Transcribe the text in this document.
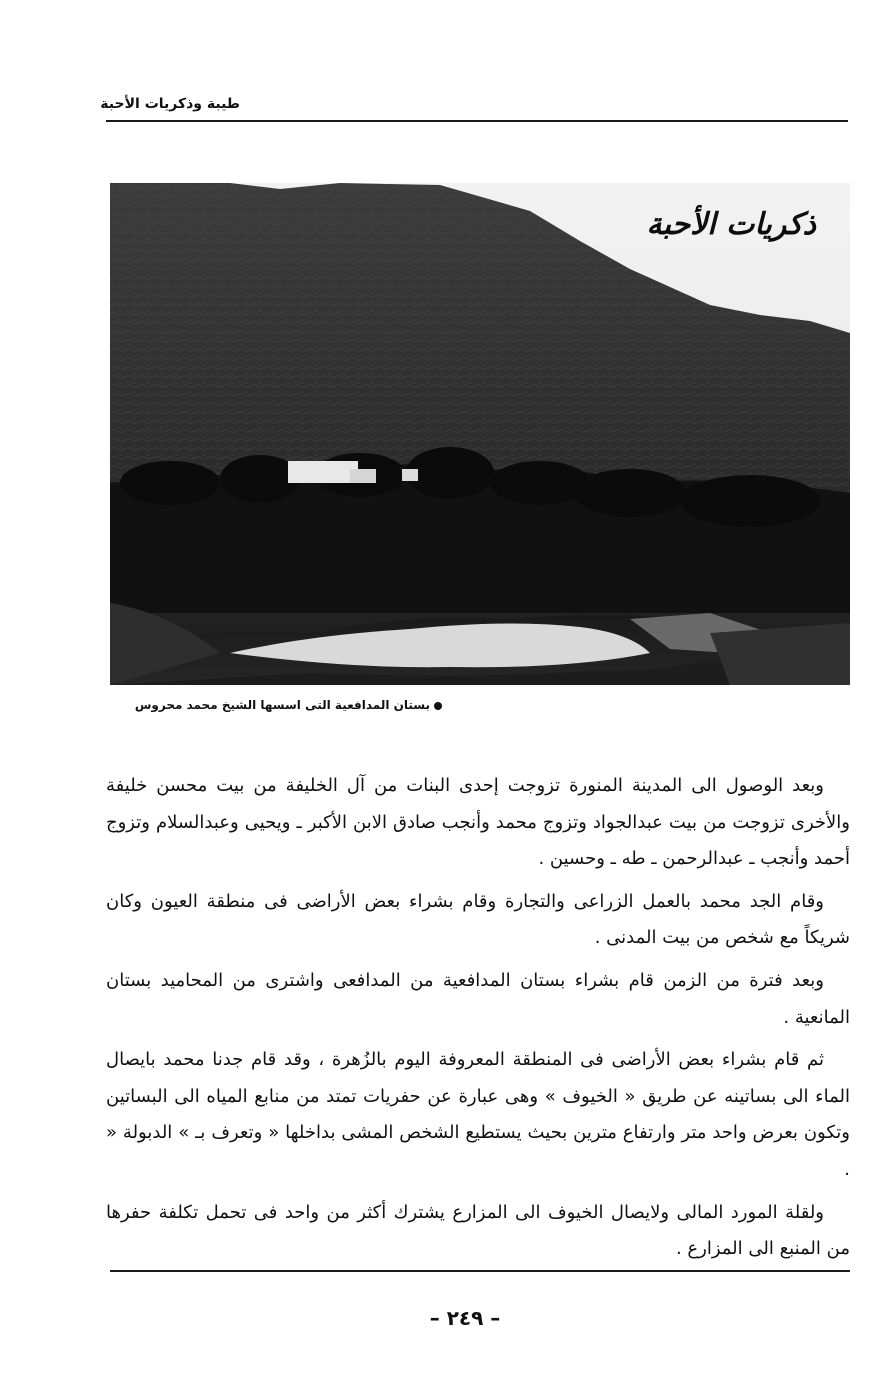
طيبة وذكريات الأحبة
ذكريات الأحبة
بستان المدافعية التى اسسها الشيخ محمد محروس

وبعد الوصول الى المدينة المنورة تزوجت إحدى البنات من آل الخليفة من بيت محسن خليفة والأخرى تزوجت من بيت عبدالجواد وتزوج محمد وأنجب صادق الابن الأكبر ـ ويحيى وعبدالسلام وتزوج أحمد وأنجب ـ عبدالرحمن ـ طه ـ وحسين .

وقام الجد محمد بالعمل الزراعى والتجارة وقام بشراء بعض الأراضى فى منطقة العيون وكان شريكاً مع شخص من بيت المدنى .

وبعد فترة من الزمن قام بشراء بستان المدافعية من المدافعى واشترى من المحاميد بستان المانعية .

ثم قام بشراء بعض الأراضى فى المنطقة المعروفة اليوم بالزُهرة ، وقد قام جدنا محمد بايصال الماء الى بساتينه عن طريق « الخيوف » وهى عبارة عن حفريات تمتد من منابع المياه الى البساتين وتكون بعرض واحد متر وارتفاع مترين بحيث يستطيع الشخص المشى بداخلها « وتعرف بـ » الدبولة « .

ولقلة المورد المالى ولايصال الخيوف الى المزارع يشترك أكثر من واحد فى تحمل تكلفة حفرها من المنبع الى المزارع .

– ٢٤٩ –
